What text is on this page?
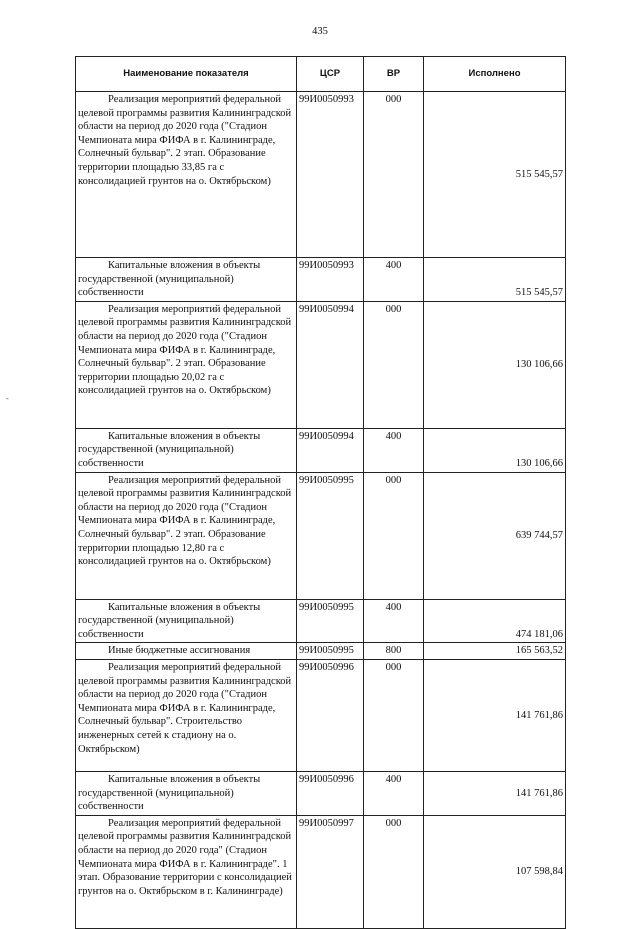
435
-
Наименование показателя	ЦСР	ВР	Исполнено

Реализация мероприятий федеральной целевой программы развития Калининградской области на период до 2020 года ("Стадион Чемпионата мира ФИФА в г. Калининграде, Солнечный бульвар". 2 этап. Образование территории площадью 33,85 га с консолидацией грунтов на о. Октябрьском)	99И0050993	000	515 545,57

Капитальные вложения в объекты государственной (муниципальной) собственности	99И0050993	400	515 545,57

Реализация мероприятий федеральной целевой программы развития Калининградской области на период до 2020 года ("Стадион Чемпионата мира ФИФА в г. Калининграде, Солнечный бульвар". 2 этап. Образование территории площадью 20,02 га с консолидацией грунтов на о. Октябрьском)	99И0050994	000	130 106,66

Капитальные вложения в объекты государственной (муниципальной) собственности	99И0050994	400	130 106,66

Реализация мероприятий федеральной целевой программы развития Калининградской области на период до 2020 года ("Стадион Чемпионата мира ФИФА в г. Калининграде, Солнечный бульвар". 2 этап. Образование территории площадью 12,80 га с консолидацией грунтов на о. Октябрьском)	99И0050995	000	639 744,57

Капитальные вложения в объекты государственной (муниципальной) собственности	99И0050995	400	474 181,06

Иные бюджетные ассигнования	99И0050995	800	165 563,52

Реализация мероприятий федеральной целевой программы развития Калининградской области на период до 2020 года ("Стадион Чемпионата мира ФИФА в г. Калининграде, Солнечный бульвар". Строительство инженерных сетей к стадиону на о. Октябрьском)	99И0050996	000	141 761,86

Капитальные вложения в объекты государственной (муниципальной) собственности	99И0050996	400	141 761,86

Реализация мероприятий федеральной целевой программы развития Калининградской области на период до 2020 года" (Стадион Чемпионата мира ФИФА в г. Калининграде". 1 этап. Образование территории с консолидацией грунтов на о. Октябрьском в г. Калининграде)	99И0050997	000	107 598,84
